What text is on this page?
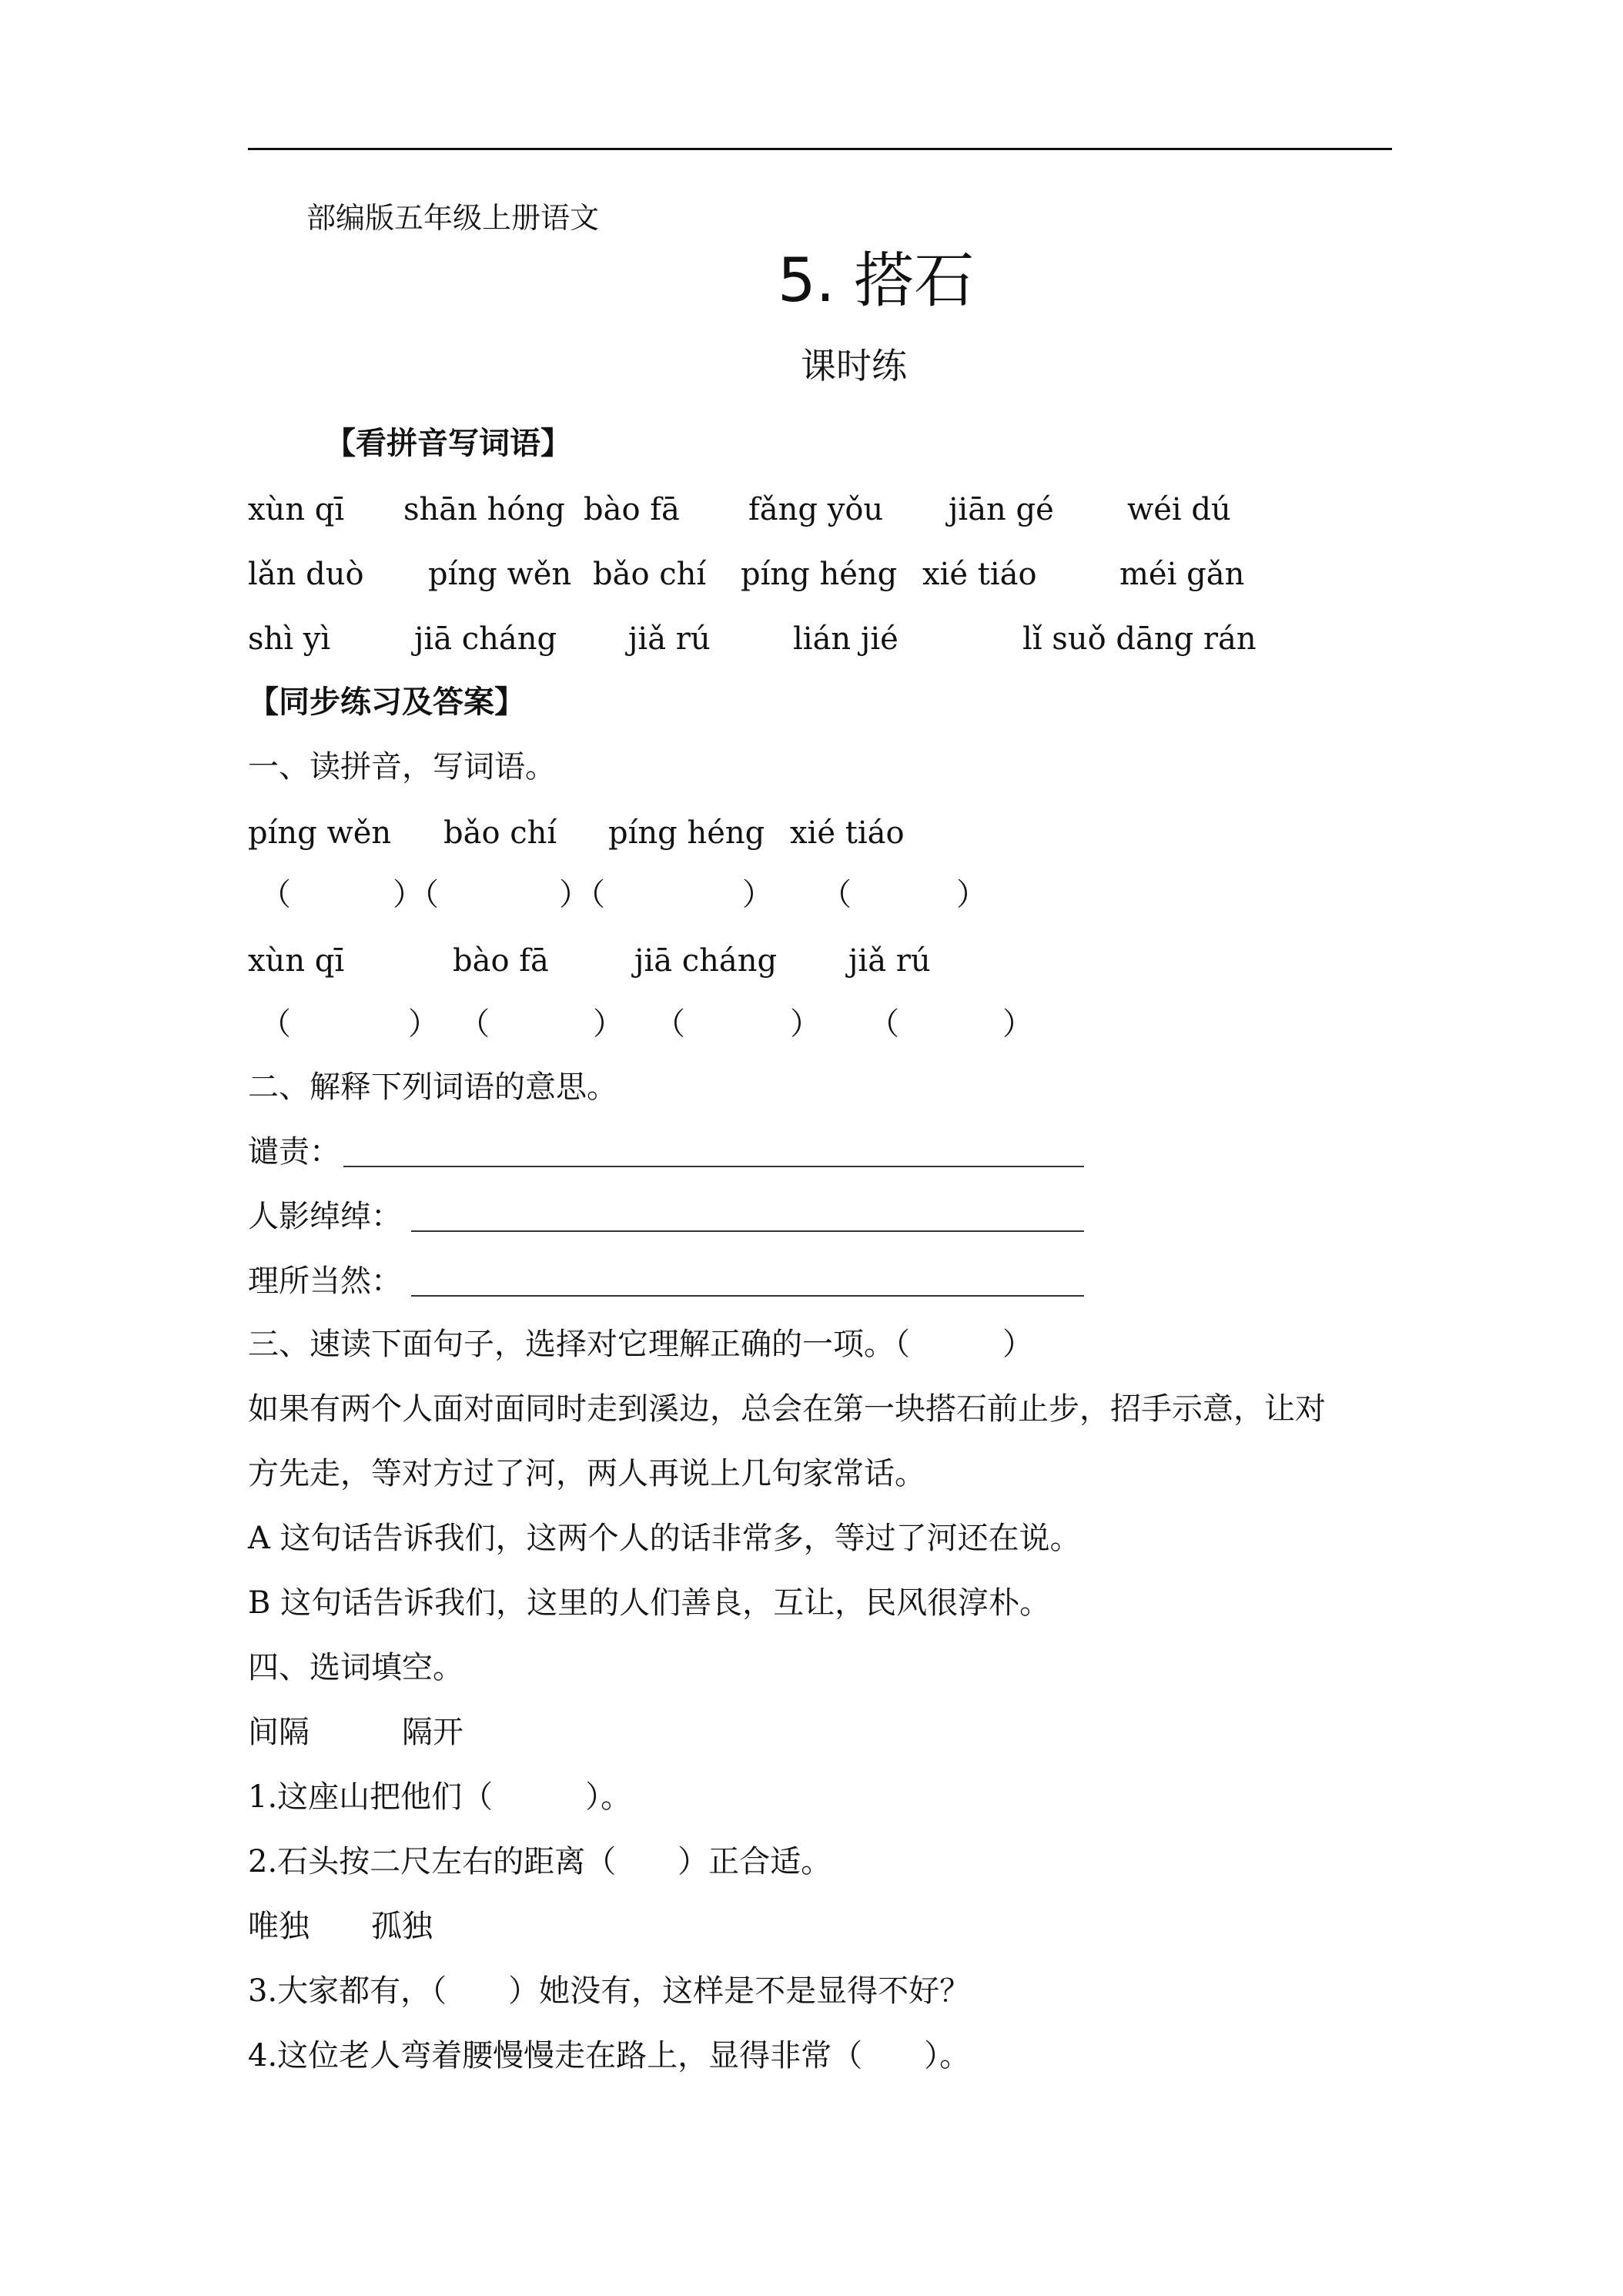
部编版五年级上册语文
5. 搭石
课时练
【看拼音写词语】
xùn qī shān hóng bào fā fǎng yǒu jiān gé wéi dú
lǎn duò píng wěn bǎo chí píng héng xié tiáo	méi gǎn
shì yì	jiā cháng jiǎ rú	lián jié	lǐ suǒ dāng rán
【同步练习及答案】
一、读拼音，写词语。
píng wěn bǎo chí píng héng xié tiáo
（	）（	）（	） （	）
xùn qī	bào fā	jiā cháng jiǎ rú
（	） （	） （	） （	）
二、解释下列词语的意思。
谴责：
人影绰绰：
理所当然：
三、速读下面句子，选择对它理解正确的一项。（　　　）
如果有两个人面对面同时走到溪边，总会在第一块搭石前止步，招手示意，让对
方先走，等对方过了河，两人再说上几句家常话。
A 这句话告诉我们，这两个人的话非常多，等过了河还在说。
B 这句话告诉我们，这里的人们善良，互让，民风很淳朴。
四、选词填空。
间隔　　　隔开
1.这座山把他们（　　　）。
2.石头按二尺左右的距离（　　）正合适。
唯独　　孤独
3.大家都有，（　　）她没有，这样是不是显得不好？
4.这位老人弯着腰慢慢走在路上，显得非常（　　）。
